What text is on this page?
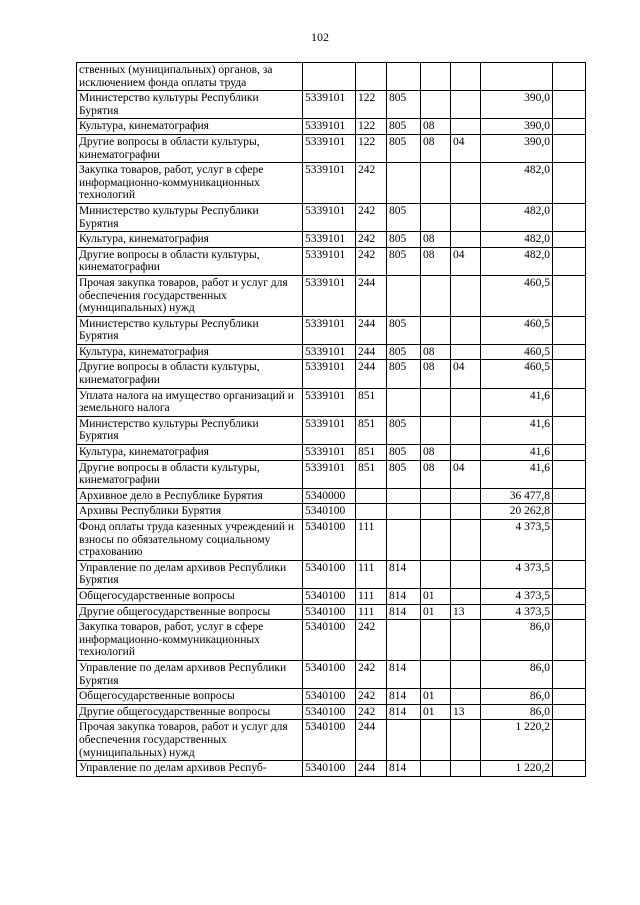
102
ственных (муниципальных) органов, за исключением фонда оплаты труда							
Министерство культуры Республики Бурятия	5339101	122	805			390,0	
Культура, кинематография	5339101	122	805	08		390,0	
Другие вопросы в области культуры, кинематографии	5339101	122	805	08	04	390,0	
Закупка товаров, работ, услуг в сфере информационно-коммуникационных технологий	5339101	242				482,0	
Министерство культуры Республики Бурятия	5339101	242	805			482,0	
Культура, кинематография	5339101	242	805	08		482,0	
Другие вопросы в области культуры, кинематографии	5339101	242	805	08	04	482,0	
Прочая закупка товаров, работ и услуг для обеспечения государственных (муниципальных) нужд	5339101	244				460,5	
Министерство культуры Республики Бурятия	5339101	244	805			460,5	
Культура, кинематография	5339101	244	805	08		460,5	
Другие вопросы в области культуры, кинематографии	5339101	244	805	08	04	460,5	
Уплата налога на имущество организаций и земельного налога	5339101	851				41,6	
Министерство культуры Республики Бурятия	5339101	851	805			41,6	
Культура, кинематография	5339101	851	805	08		41,6	
Другие вопросы в области культуры, кинематографии	5339101	851	805	08	04	41,6	
Архивное дело в Республике Бурятия	5340000					36 477,8	
Архивы Республики Бурятия	5340100					20 262,8	
Фонд оплаты труда казенных учреждений и взносы по обязательному социальному страхованию	5340100	111				4 373,5	
Управление по делам архивов Республики Бурятия	5340100	111	814			4 373,5	
Общегосударственные вопросы	5340100	111	814	01		4 373,5	
Другие общегосударственные вопросы	5340100	111	814	01	13	4 373,5	
Закупка товаров, работ, услуг в сфере информационно-коммуникационных технологий	5340100	242				86,0	
Управление по делам архивов Республики Бурятия	5340100	242	814			86,0	
Общегосударственные вопросы	5340100	242	814	01		86,0	
Другие общегосударственные вопросы	5340100	242	814	01	13	86,0	
Прочая закупка товаров, работ и услуг для обеспечения государственных (муниципальных) нужд	5340100	244				1 220,2	
Управление по делам архивов Респуб-	5340100	244	814			1 220,2	
